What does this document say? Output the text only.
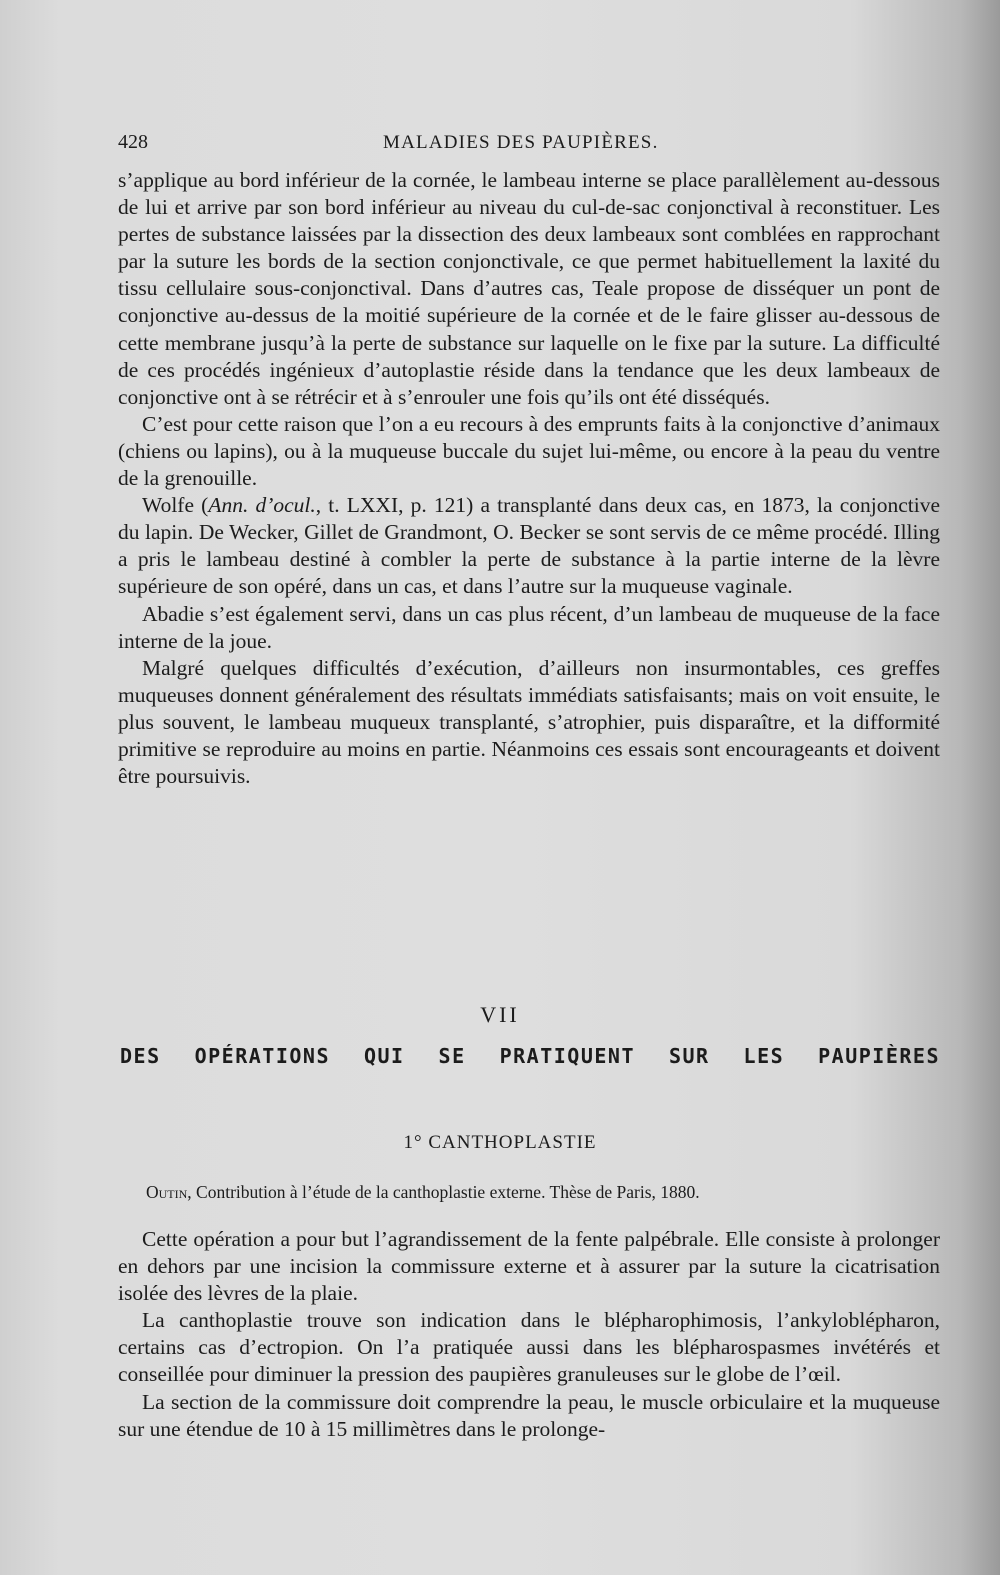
428	MALADIES DES PAUPIÈRES.

s’applique au bord inférieur de la cornée, le lambeau interne se place parallèlement au-dessous de lui et arrive par son bord inférieur au niveau du cul-de-sac conjonctival à reconstituer. Les pertes de substance laissées par la dissection des deux lambeaux sont comblées en rapprochant par la suture les bords de la section conjonctivale, ce que permet habituellement la laxité du tissu cellulaire sous-conjonctival. Dans d’autres cas, Teale propose de disséquer un pont de conjonctive au-dessus de la moitié supérieure de la cornée et de le faire glisser au-dessous de cette membrane jusqu’à la perte de substance sur laquelle on le fixe par la suture. La difficulté de ces procédés ingénieux d’autoplastie réside dans la tendance que les deux lambeaux de conjonctive ont à se rétrécir et à s’enrouler une fois qu’ils ont été disséqués.

C’est pour cette raison que l’on a eu recours à des emprunts faits à la conjonctive d’animaux (chiens ou lapins), ou à la muqueuse buccale du sujet lui-même, ou encore à la peau du ventre de la grenouille.

Wolfe (Ann. d’ocul., t. LXXI, p. 121) a transplanté dans deux cas, en 1873, la conjonctive du lapin. De Wecker, Gillet de Grandmont, O. Becker se sont servis de ce même procédé. Illing a pris le lambeau destiné à combler la perte de substance à la partie interne de la lèvre supérieure de son opéré, dans un cas, et dans l’autre sur la muqueuse vaginale.

Abadie s’est également servi, dans un cas plus récent, d’un lambeau de muqueuse de la face interne de la joue.

Malgré quelques difficultés d’exécution, d’ailleurs non insurmontables, ces greffes muqueuses donnent généralement des résultats immédiats satisfaisants; mais on voit ensuite, le plus souvent, le lambeau muqueux transplanté, s’atrophier, puis disparaître, et la difformité primitive se reproduire au moins en partie. Néanmoins ces essais sont encourageants et doivent être poursuivis.

VII
DES OPÉRATIONS QUI SE PRATIQUENT SUR LES PAUPIÈRES
1° CANTHOPLASTIE
Outin, Contribution à l’étude de la canthoplastie externe. Thèse de Paris, 1880.

Cette opération a pour but l’agrandissement de la fente palpébrale. Elle consiste à prolonger en dehors par une incision la commissure externe et à assurer par la suture la cicatrisation isolée des lèvres de la plaie.

La canthoplastie trouve son indication dans le blépharophimosis, l’ankyloblépharon, certains cas d’ectropion. On l’a pratiquée aussi dans les blépharospasmes invétérés et conseillée pour diminuer la pression des paupières granuleuses sur le globe de l’œil.

La section de la commissure doit comprendre la peau, le muscle orbiculaire et la muqueuse sur une étendue de 10 à 15 millimètres dans le prolonge-
